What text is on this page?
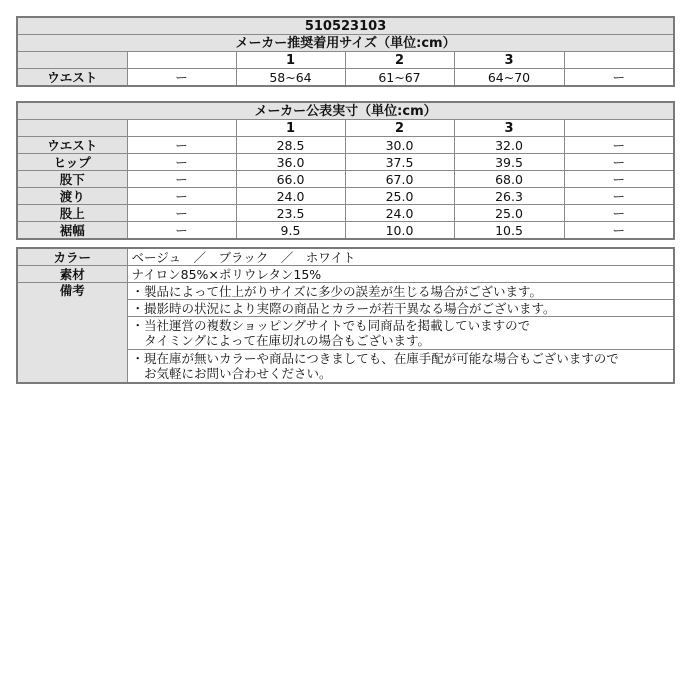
510523103					
メーカー推奨着用サイズ（単位:cm）					
		1	2	3	
ウエスト	ー	58~64	61~67	64~70	ー
メーカー公表実寸（単位:cm）					
		1	2	3	
ウエスト	ー	28.5	30.0	32.0	ー
ヒップ	ー	36.0	37.5	39.5	ー
股下	ー	66.0	67.0	68.0	ー
渡り	ー	24.0	25.0	26.3	ー
股上	ー	23.5	24.0	25.0	ー
裾幅	ー	9.5	10.0	10.5	ー
カラー	ベージュ　／　ブラック　／　ホワイト
素材	ナイロン85%×ポリウレタン15%
備考	・製品によって仕上がりサイズに多少の誤差が生じる場合がございます。

	・撮影時の状況により実際の商品とカラーが若干異なる場合がございます。

	・当社運営の複数ショッピングサイトでも同商品を掲載していますので
　タイミングによって在庫切れの場合もございます。

	・現在庫が無いカラーや商品につきましても、在庫手配が可能な場合もございますので
　お気軽にお問い合わせください。
